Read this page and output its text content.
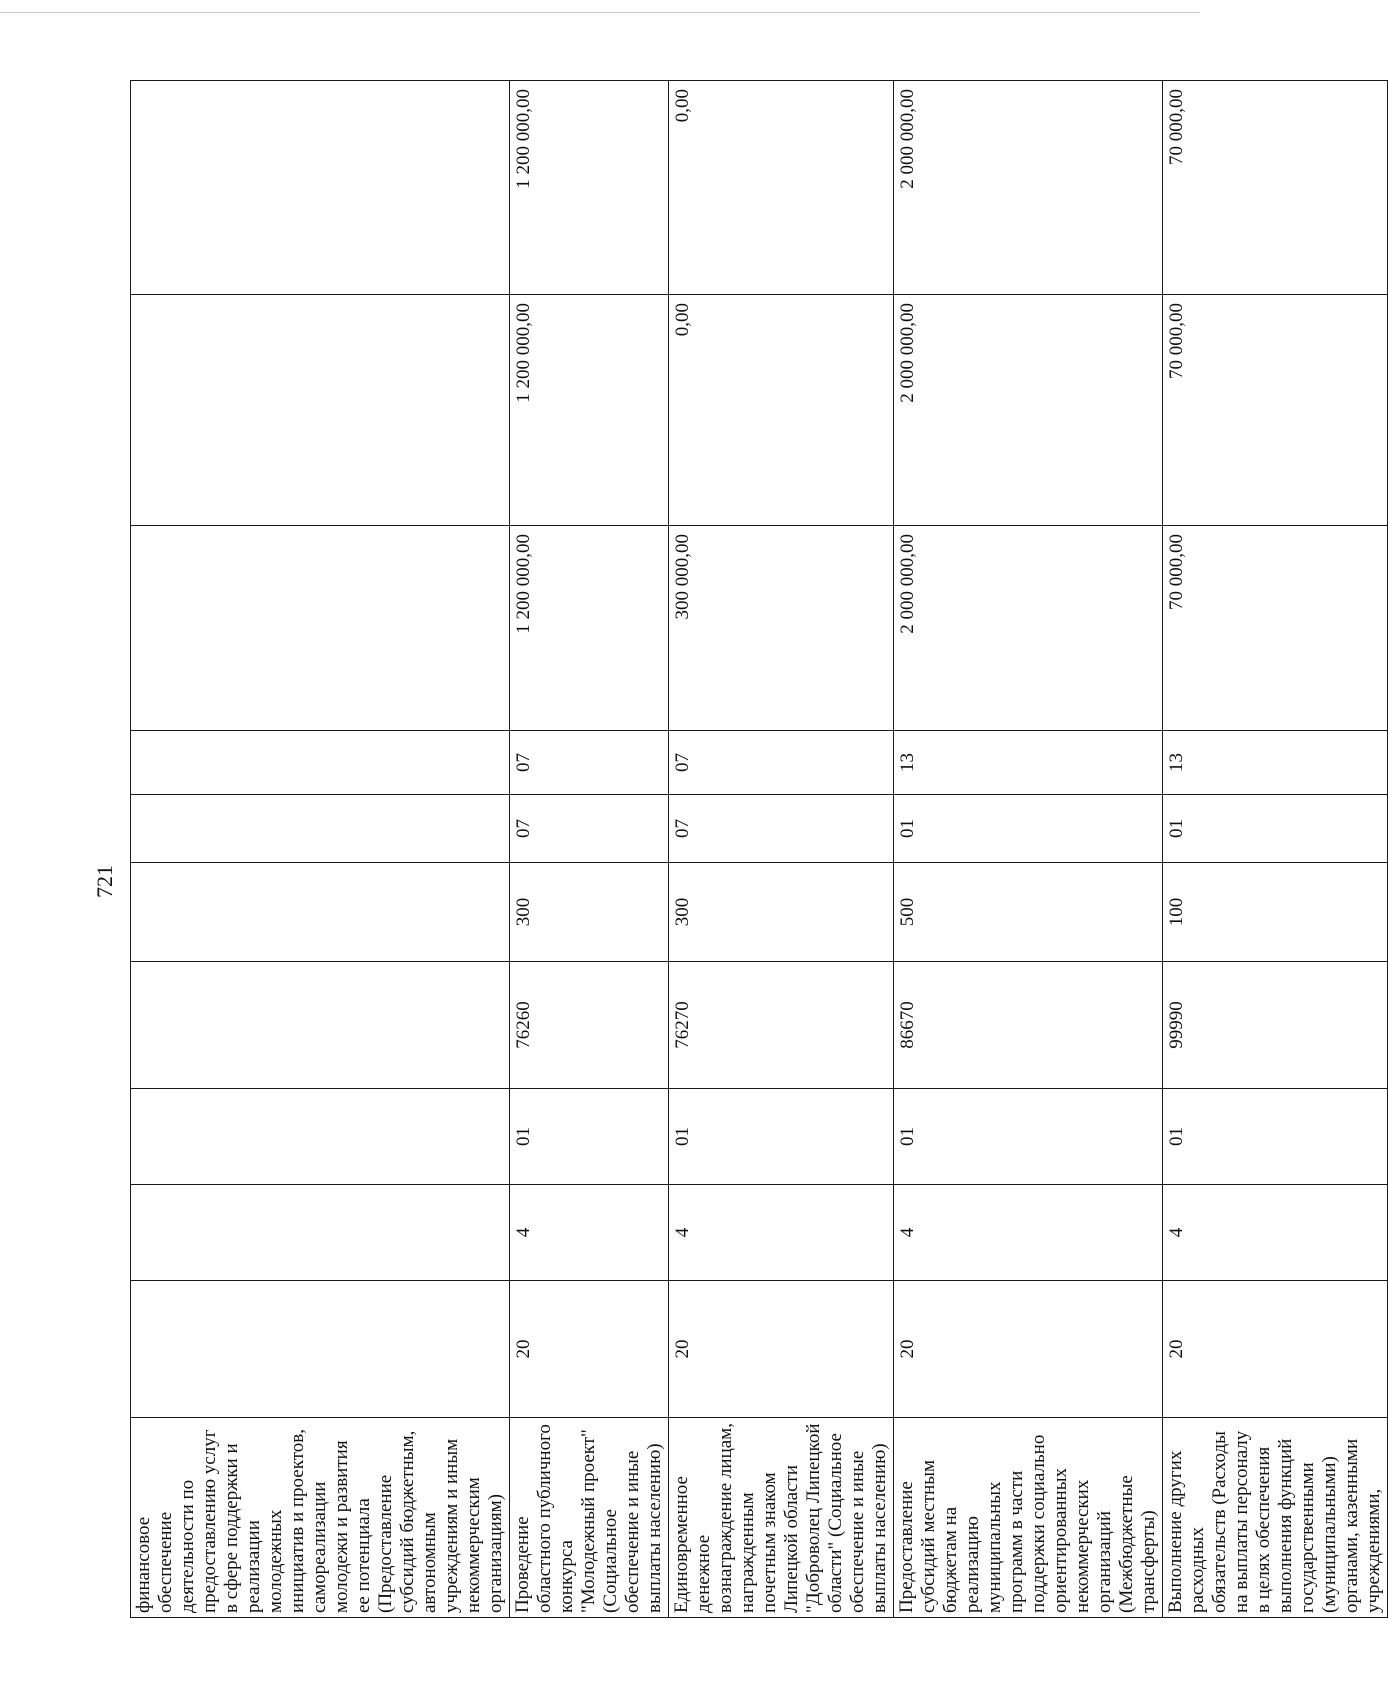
721
финансовое обеспечение деятельности по предоставлению услуг в сфере поддержки и реализации молодежных инициатив и проектов, самореализации молодежи и развития ее потенциала (Предоставление субсидий бюджетным, автономным учреждениям и иным некоммерческим организациям)										
Проведение областного публичного конкурса "Молодежный проект" (Социальное обеспечение и иные выплаты населению)	20	4	01	76260	300	07	07	1 200 000,00	1 200 000,00	1 200 000,00
Единовременное денежное вознаграждение лицам, награжденным почетным знаком Липецкой области "Доброволец Липецкой области" (Социальное обеспечение и иные выплаты населению)	20	4	01	76270	300	07	07	300 000,00	0,00	0,00
Предоставление субсидий местным бюджетам на реализацию муниципальных программ в части поддержки социально ориентированных некоммерческих организаций (Межбюджетные трансферты)	20	4	01	86670	500	01	13	2 000 000,00	2 000 000,00	2 000 000,00
Выполнение других расходных обязательств (Расходы на выплаты персоналу в целях обеспечения выполнения функций государственными (муниципальными) органами, казенными учреждениями,	20	4	01	99990	100	01	13	70 000,00	70 000,00	70 000,00
